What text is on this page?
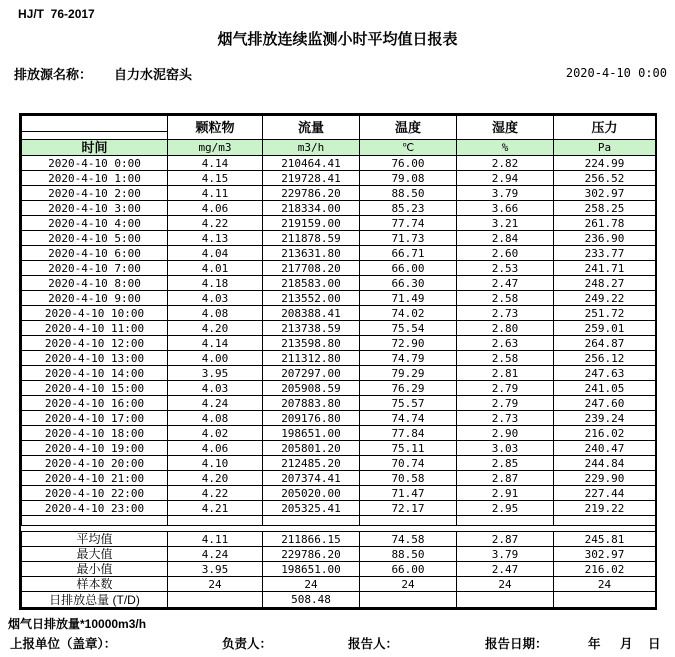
HJ/T  76-2017
烟气排放连续监测小时平均值日报表
排放源名称： 自力水泥窑头	2020-4-10 0:00
	颗粒物	流量	温度	湿度	压力

时间	mg/m3	m3/h	℃	%	Pa
2020-4-10 0:00	4.14	210464.41	76.00	2.82	224.99
2020-4-10 1:00	4.15	219728.41	79.08	2.94	256.52
2020-4-10 2:00	4.11	229786.20	88.50	3.79	302.97
2020-4-10 3:00	4.06	218334.00	85.23	3.66	258.25
2020-4-10 4:00	4.22	219159.00	77.74	3.21	261.78
2020-4-10 5:00	4.13	211878.59	71.73	2.84	236.90
2020-4-10 6:00	4.04	213631.80	66.71	2.60	233.77
2020-4-10 7:00	4.01	217708.20	66.00	2.53	241.71
2020-4-10 8:00	4.18	218583.00	66.30	2.47	248.27
2020-4-10 9:00	4.03	213552.00	71.49	2.58	249.22
2020-4-10 10:00	4.08	208388.41	74.02	2.73	251.72
2020-4-10 11:00	4.20	213738.59	75.54	2.80	259.01
2020-4-10 12:00	4.14	213598.80	72.90	2.63	264.87
2020-4-10 13:00	4.00	211312.80	74.79	2.58	256.12
2020-4-10 14:00	3.95	207297.00	79.29	2.81	247.63
2020-4-10 15:00	4.03	205908.59	76.29	2.79	241.05
2020-4-10 16:00	4.24	207883.80	75.57	2.79	247.60
2020-4-10 17:00	4.08	209176.80	74.74	2.73	239.24
2020-4-10 18:00	4.02	198651.00	77.84	2.90	216.02
2020-4-10 19:00	4.06	205801.20	75.11	3.03	240.47
2020-4-10 20:00	4.10	212485.20	70.74	2.85	244.84
2020-4-10 21:00	4.20	207374.41	70.58	2.87	229.90
2020-4-10 22:00	4.22	205020.00	71.47	2.91	227.44
2020-4-10 23:00	4.21	205325.41	72.17	2.95	219.22

平均值	4.11	211866.15	74.58	2.87	245.81
最大值	4.24	229786.20	88.50	3.79	302.97
最小值	3.95	198651.00	66.00	2.47	216.02
样本数	24	24	24	24	24
日排放总量 (T/D)		508.48			
烟气日排放量*10000m3/h
上报单位（盖章）：	负责人：	报告人：	报告日期：	年 月 日
